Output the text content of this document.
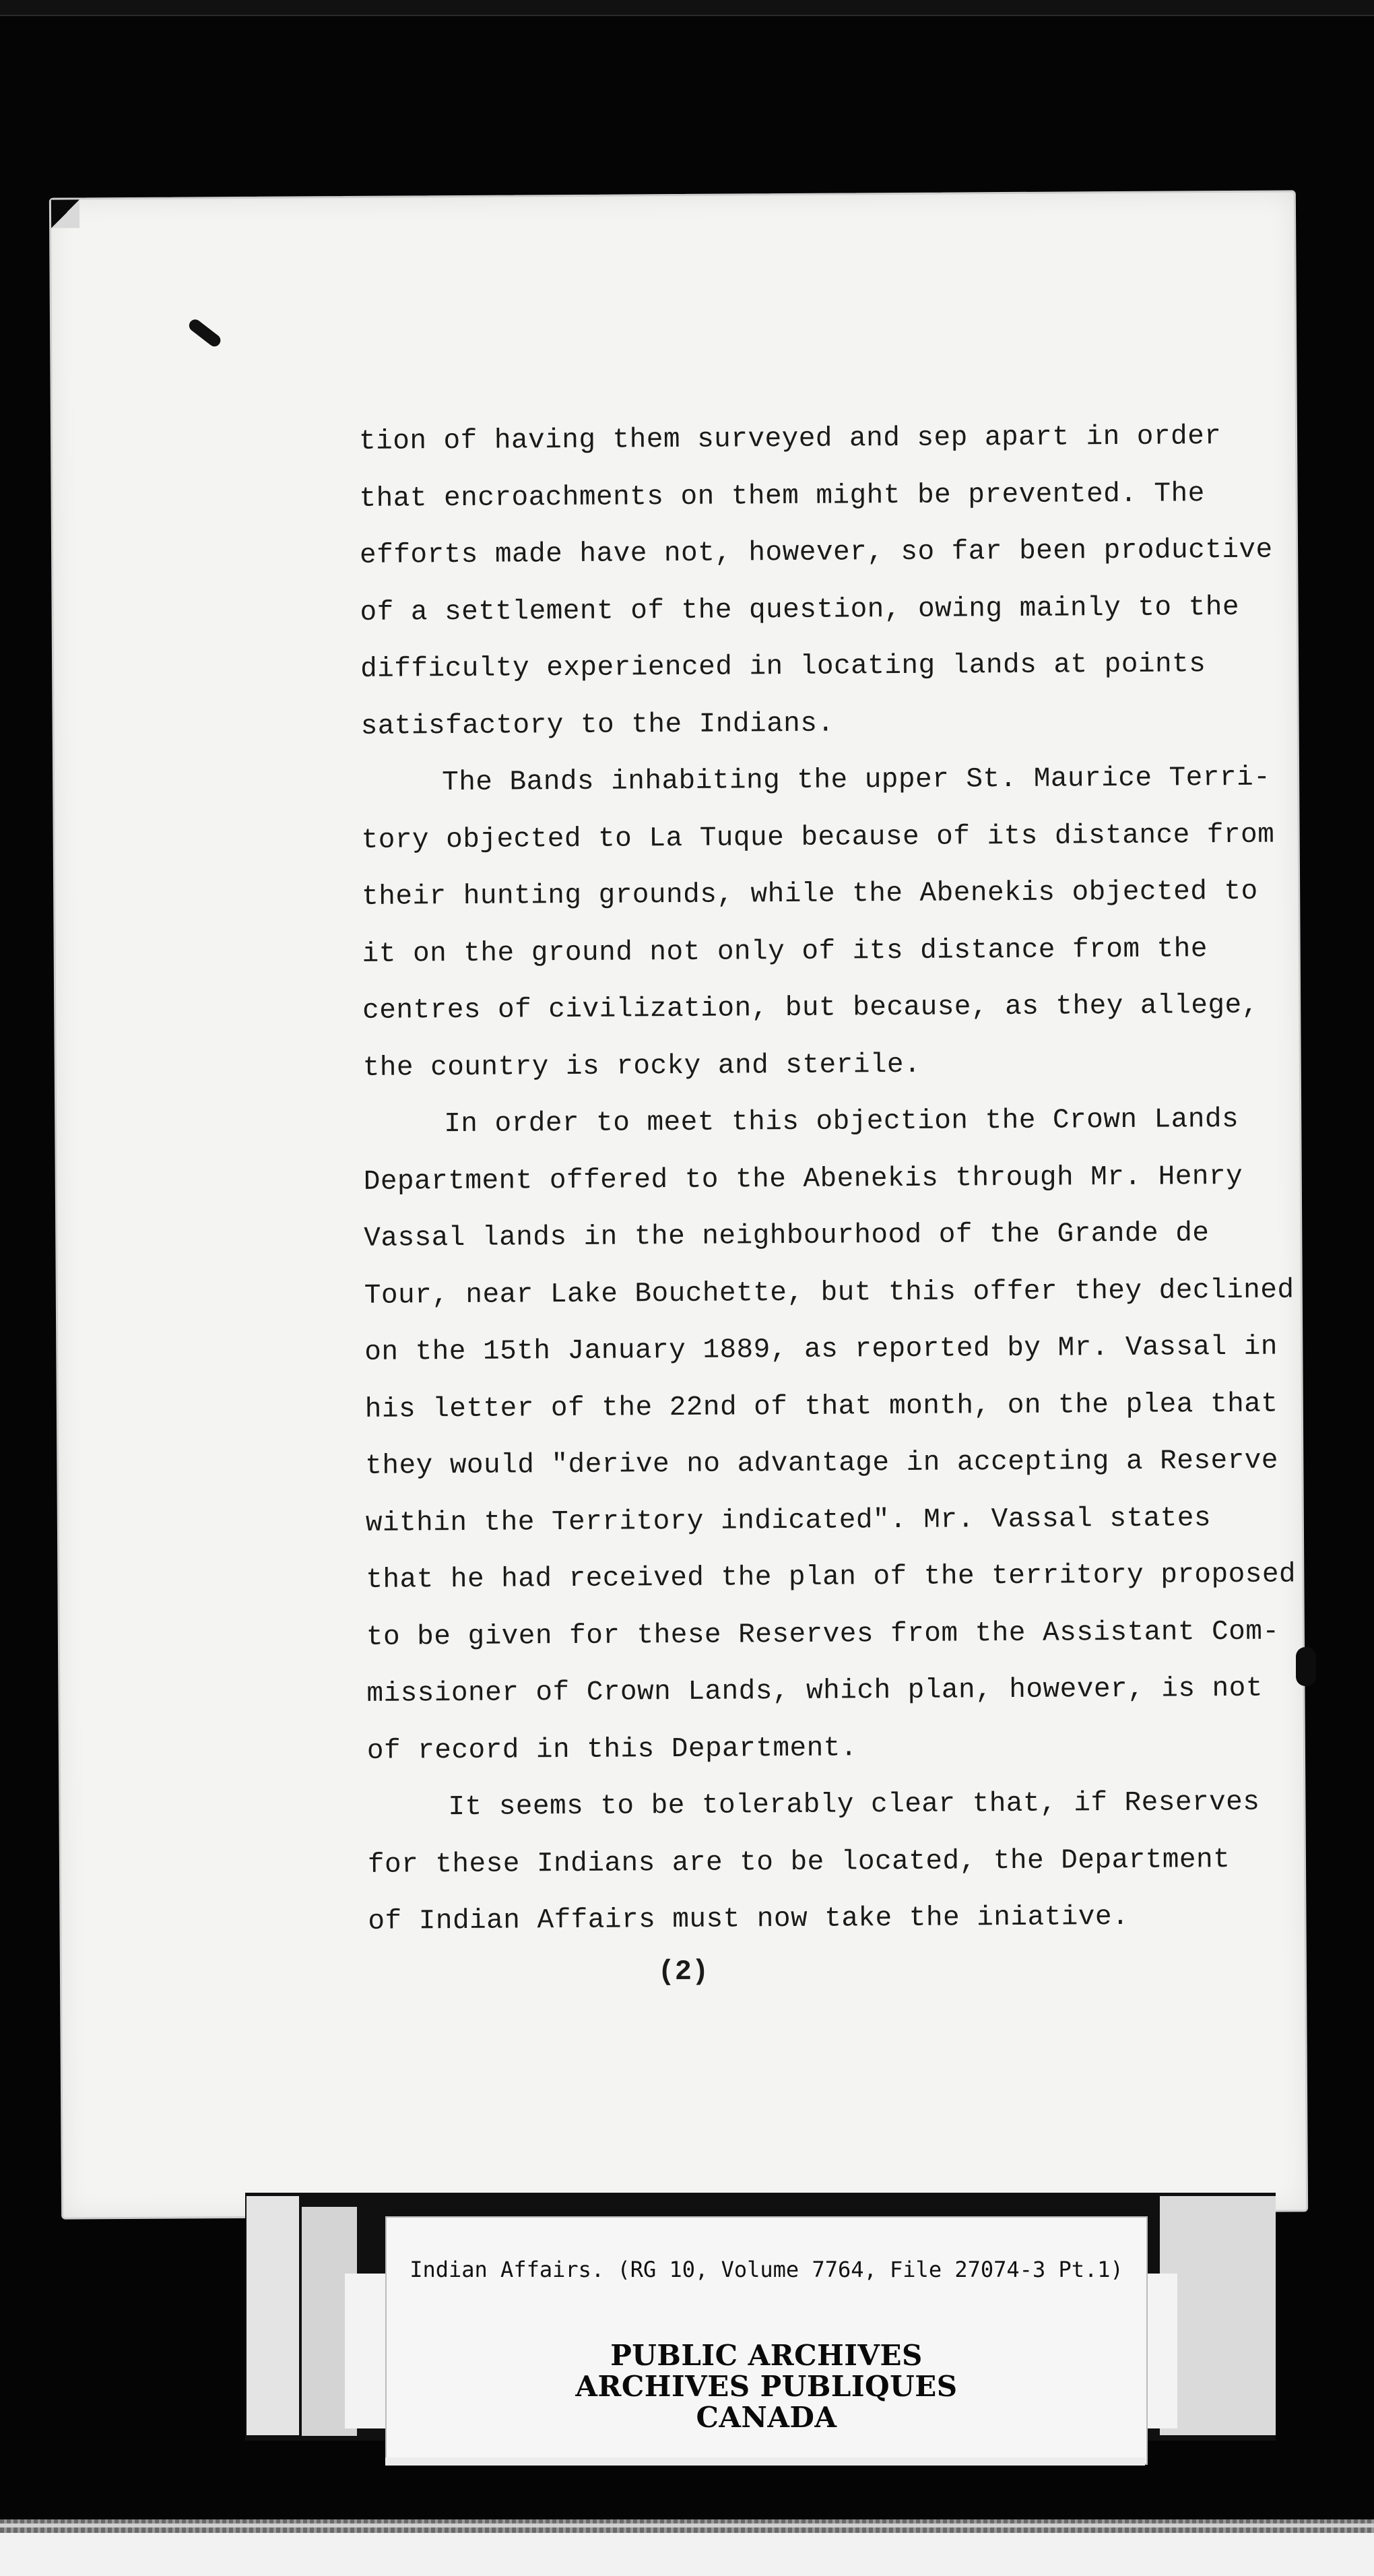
tion of having them surveyed and sep apart in order
that encroachments on them might be prevented. The
efforts made have not, however, so far been productive
of a settlement of the question, owing mainly to the
difficulty experienced in locating lands at points
satisfactory to the Indians.
The Bands inhabiting the upper St. Maurice Terri-
tory objected to La Tuque because of its distance from
their hunting grounds, while the Abenekis objected to
it on the ground not only of its distance from the
centres of civilization, but because, as they allege,
the country is rocky and sterile.
In order to meet this objection the Crown Lands
Department offered to the Abenekis through Mr. Henry
Vassal lands in the neighbourhood of the Grande de
Tour, near Lake Bouchette, but this offer they declined
on the 15th January 1889, as reported by Mr. Vassal in
his letter of the 22nd of that month, on the plea that
they would "derive no advantage in accepting a Reserve
within the Territory indicated". Mr. Vassal states
that he had received the plan of the territory proposed
to be given for these Reserves from the Assistant Com-
missioner of Crown Lands, which plan, however, is not
of record in this Department.
It seems to be tolerably clear that, if Reserves
for these Indians are to be located, the Department
of Indian Affairs must now take the iniative.
(2)
Indian Affairs. (RG 10, Volume 7764, File 27074-3 Pt.1)
PUBLIC ARCHIVES
ARCHIVES PUBLIQUES
CANADA
